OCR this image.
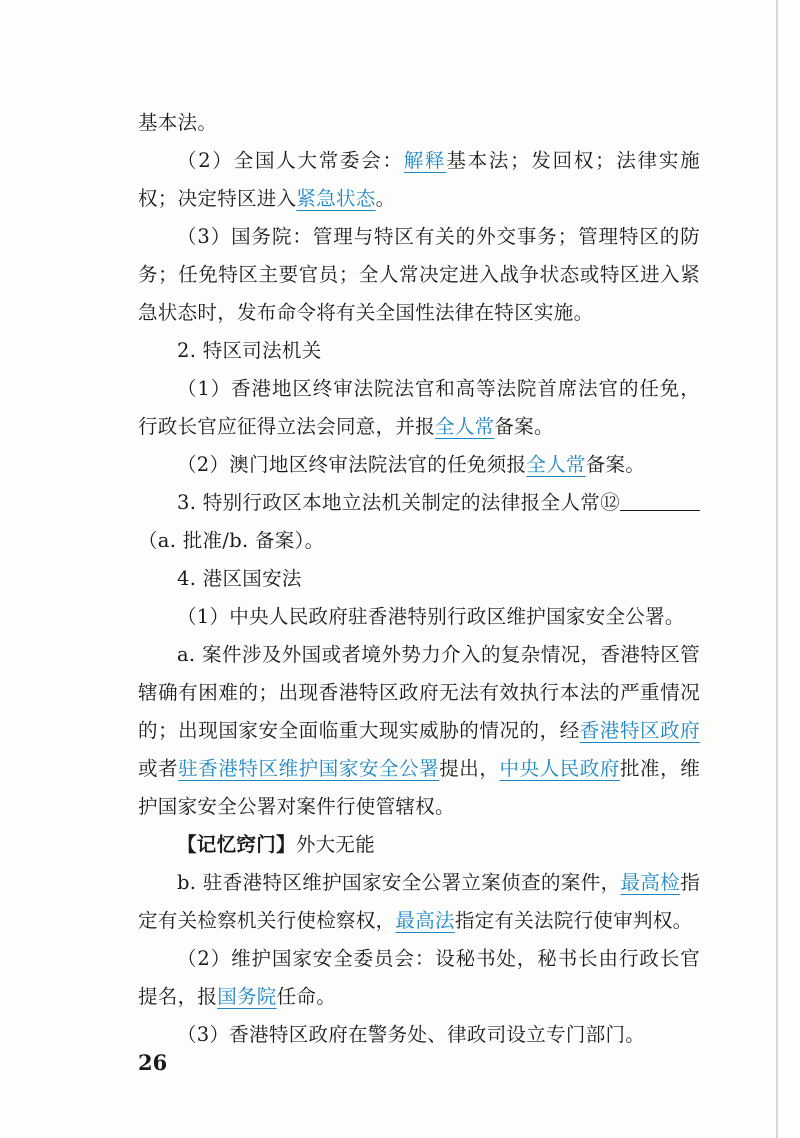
基本法。

（2）全国人大常委会：解释基本法；发回权；法律实施权；决定特区进入紧急状态。

（3）国务院：管理与特区有关的外交事务；管理特区的防务；任免特区主要官员；全人常决定进入战争状态或特区进入紧急状态时，发布命令将有关全国性法律在特区实施。

2. 特区司法机关

（1）香港地区终审法院法官和高等法院首席法官的任免，行政长官应征得立法会同意，并报全人常备案。

（2）澳门地区终审法院法官的任免须报全人常备案。

3. 特别行政区本地立法机关制定的法律报全人常⑫（a. 批准/b. 备案）。

4. 港区国安法

（1）中央人民政府驻香港特别行政区维护国家安全公署。

a. 案件涉及外国或者境外势力介入的复杂情况，香港特区管辖确有困难的；出现香港特区政府无法有效执行本法的严重情况的；出现国家安全面临重大现实威胁的情况的，经香港特区政府或者驻香港特区维护国家安全公署提出，中央人民政府批准，维护国家安全公署对案件行使管辖权。

【记忆窍门】外大无能

b. 驻香港特区维护国家安全公署立案侦查的案件，最高检指定有关检察机关行使检察权，最高法指定有关法院行使审判权。

（2）维护国家安全委员会：设秘书处，秘书长由行政长官提名，报国务院任命。

（3）香港特区政府在警务处、律政司设立专门部门。

26
